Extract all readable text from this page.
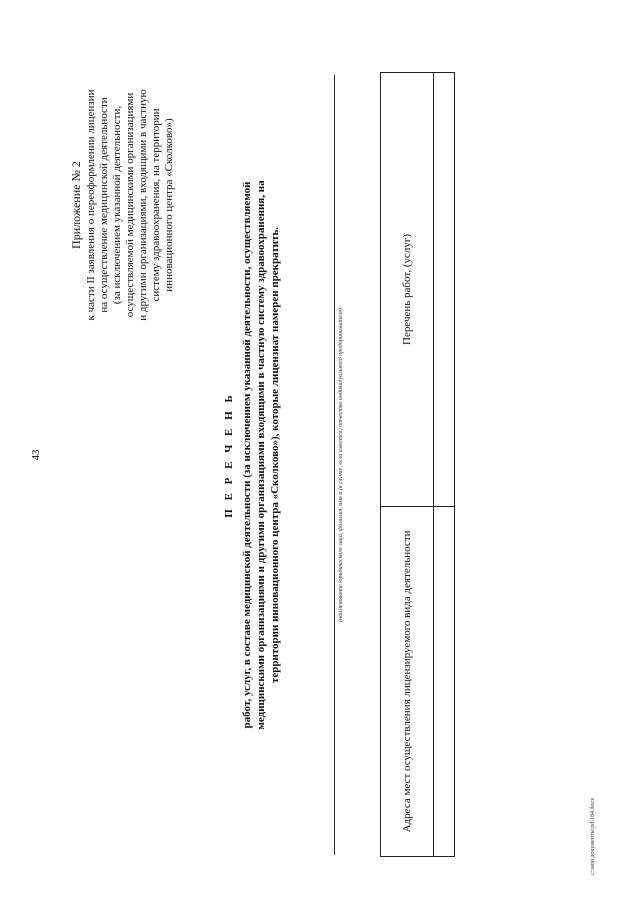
43
Приложение № 2 к части II заявления о переоформлении лицензии на осуществление медицинской деятельности (за исключением указанной деятельности, осуществляемой медицинскими организациями и другими организациями, входящими в частную систему здравоохранения, на территории инновационного центра «Сколково»)
П Е Р Е Ч Е Н Ь работ, услуг, в составе медицинской деятельности (за исключением указанной деятельности, осуществляемой медицинскими организациями и другими организациями входящими в частную систему здравоохранения, на территории инновационного центра «Сколково»), которые лицензиат намерен прекратить.	(наименование юридического лица, фамилия, имя и (в случае, если имеется) отчество индивидуального предпринимателя)
Адреса мест осуществления лицензируемого вида деятельности	Перечень работ, (услуг)

c:\мои документы\pd\184.docx
